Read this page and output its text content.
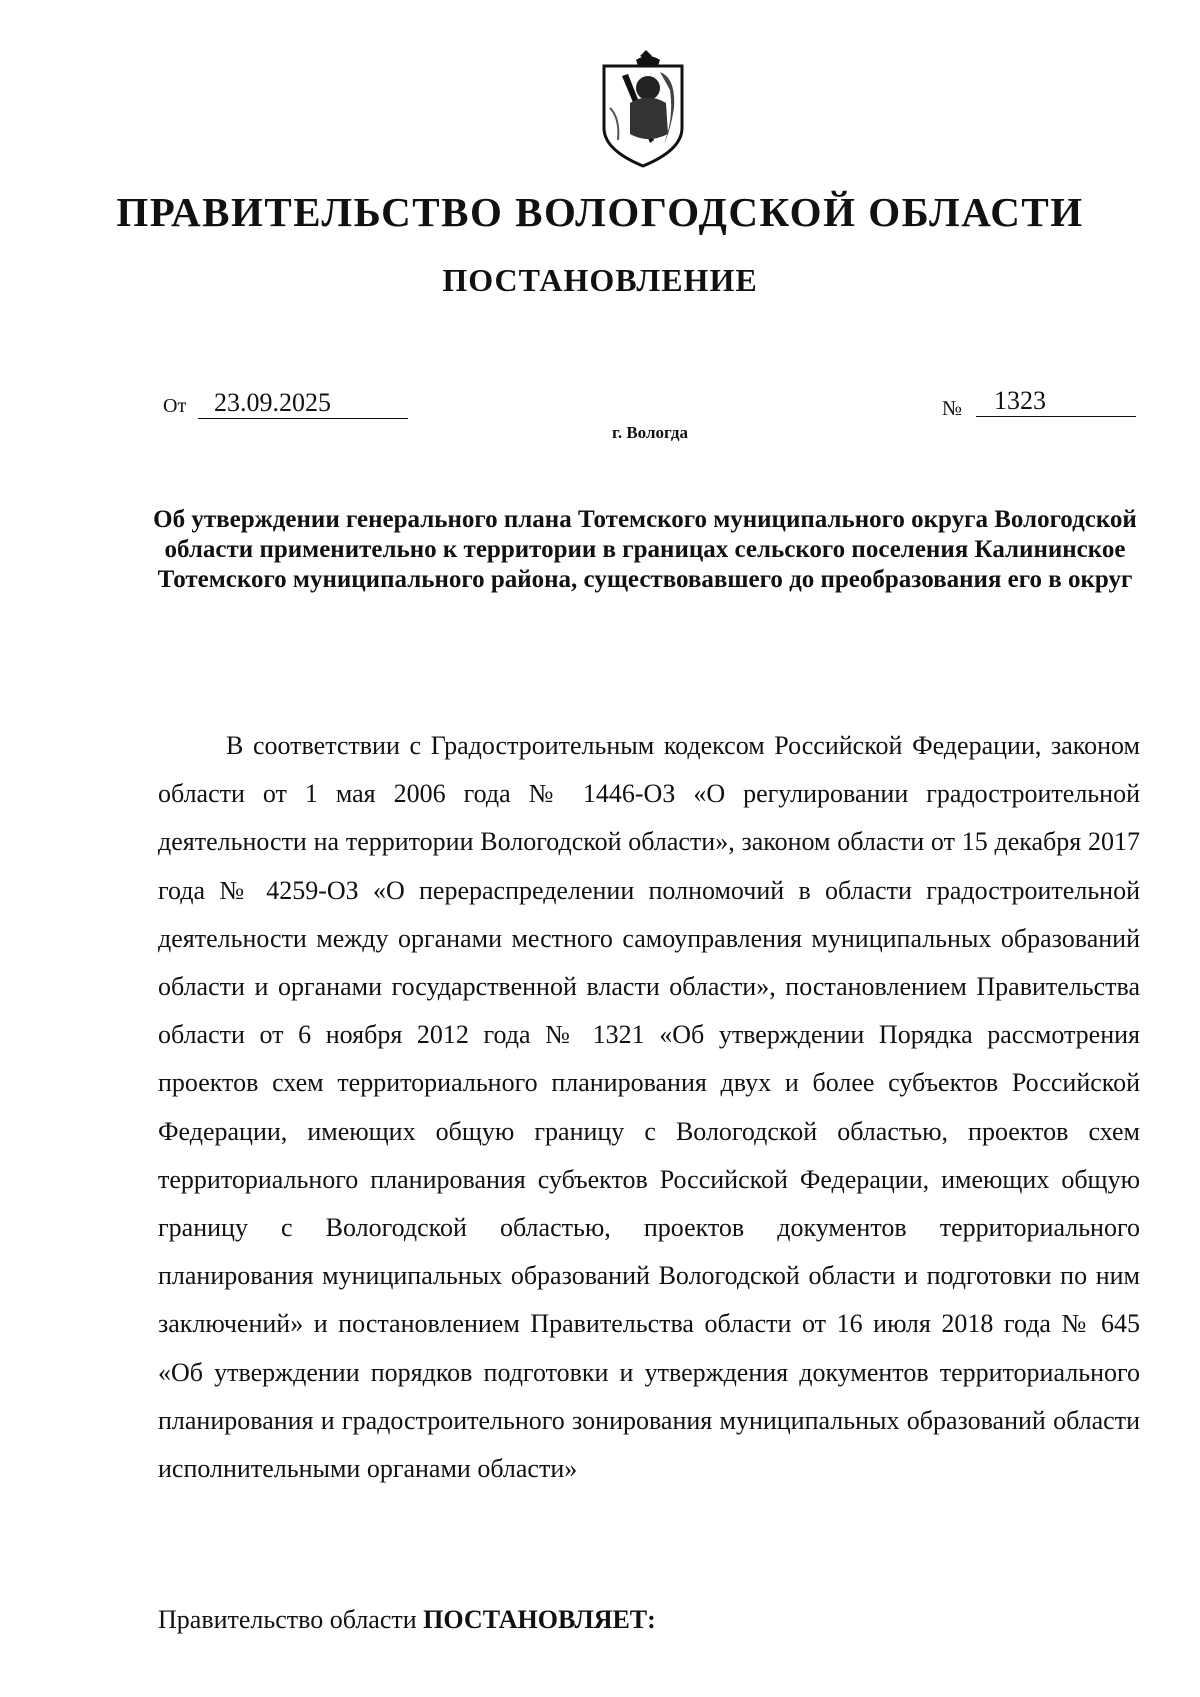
ПРАВИТЕЛЬСТВО ВОЛОГОДСКОЙ ОБЛАСТИ
ПОСТАНОВЛЕНИЕ
От	23.09.2025	№	1323
г. Вологда
Об утверждении генерального плана Тотемского муниципального округа Вологодской области применительно к территории в границах сельского поселения Калининское Тотемского муниципального района, существовавшего до преобразования его в округ

В соответствии с Градостроительным кодексом Российской Федерации, законом области от 1 мая 2006 года № 1446-ОЗ «О регулировании градостроительной деятельности на территории Вологодской области», законом области от 15 декабря 2017 года № 4259-ОЗ «О перераспределении полномочий в области градостроительной деятельности между органами местного самоуправления муниципальных образований области и органами государственной власти области», постановлением Правительства области от 6 ноября 2012 года № 1321 «Об утверждении Порядка рассмотрения проектов схем территориального планирования двух и более субъектов Российской Федерации, имеющих общую границу с Вологодской областью, проектов схем территориального планирования субъектов Российской Федерации, имеющих общую границу с Вологодской областью, проектов документов территориального планирования муниципальных образований Вологодской области и подготовки по ним заключений» и постановлением Правительства области от 16 июля 2018 года № 645 «Об утверждении порядков подготовки и утверждения документов территориального планирования и градостроительного зонирования муниципальных образований области исполнительными органами области»

Правительство области ПОСТАНОВЛЯЕТ:
